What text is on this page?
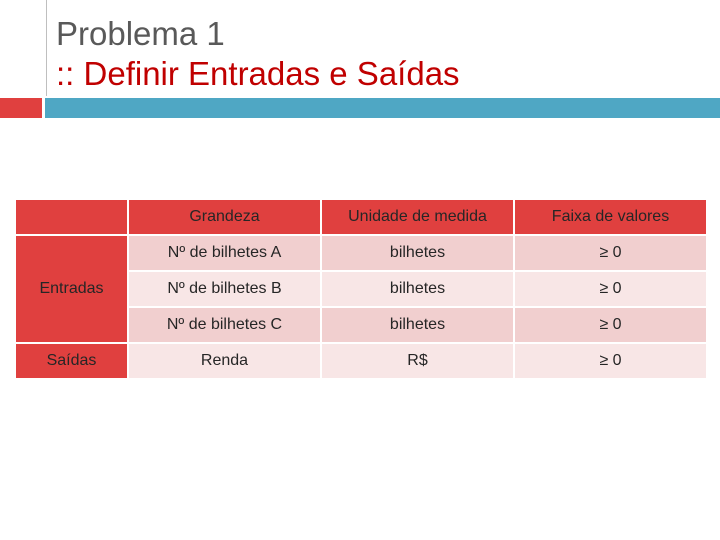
Problema 1
:: Definir Entradas e Saídas
	Grandeza	Unidade de medida	Faixa de valores
Entradas	Nº de bilhetes A	bilhetes	≥ 0
	Nº de bilhetes B	bilhetes	≥ 0
	Nº de bilhetes C	bilhetes	≥ 0
Saídas	Renda	R$	≥ 0
